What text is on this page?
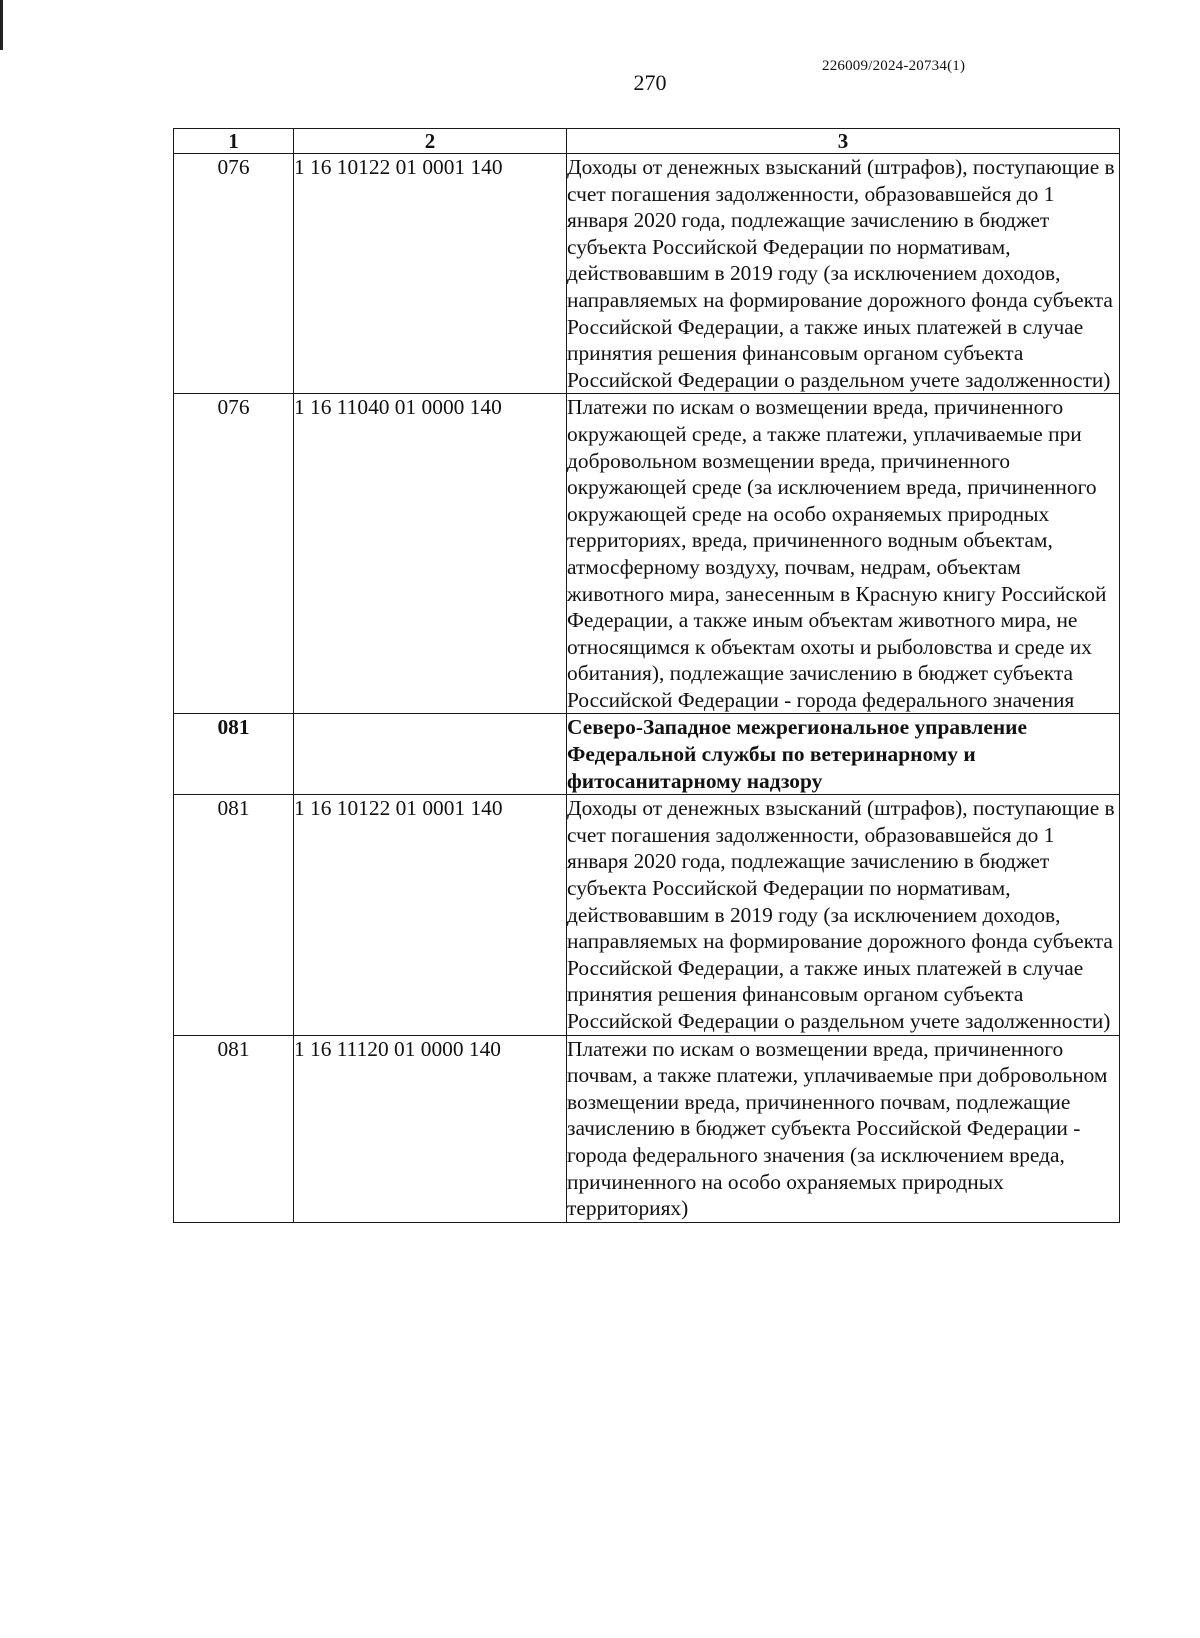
226009/2024-20734(1)
270
1	2	3
076	1 16 10122 01 0001 140	Доходы от денежных взысканий (штрафов), поступающие в счет погашения задолженности, образовавшейся до 1 января 2020 года, подлежащие зачислению в бюджет субъекта Российской Федерации по нормативам, действовавшим в 2019 году (за исключением доходов, направляемых на формирование дорожного фонда субъекта Российской Федерации, а также иных платежей в случае принятия решения финансовым органом субъекта Российской Федерации о раздельном учете задолженности)
076	1 16 11040 01 0000 140	Платежи по искам о возмещении вреда, причиненного окружающей среде, а также платежи, уплачиваемые при добровольном возмещении вреда, причиненного окружающей среде (за исключением вреда, причиненного окружающей среде на особо охраняемых природных территориях, вреда, причиненного водным объектам, атмосферному воздуху, почвам, недрам, объектам животного мира, занесенным в Красную книгу Российской Федерации, а также иным объектам животного мира, не относящимся к объектам охоты и рыболовства и среде их обитания), подлежащие зачислению в бюджет субъекта Российской Федерации - города федерального значения
081		Северо-Западное межрегиональное управление Федеральной службы по ветеринарному и фитосанитарному надзору
081	1 16 10122 01 0001 140	Доходы от денежных взысканий (штрафов), поступающие в счет погашения задолженности, образовавшейся до 1 января 2020 года, подлежащие зачислению в бюджет субъекта Российской Федерации по нормативам, действовавшим в 2019 году (за исключением доходов, направляемых на формирование дорожного фонда субъекта Российской Федерации, а также иных платежей в случае принятия решения финансовым органом субъекта Российской Федерации о раздельном учете задолженности)
081	1 16 11120 01 0000 140	Платежи по искам о возмещении вреда, причиненного почвам, а также платежи, уплачиваемые при добровольном возмещении вреда, причиненного почвам, подлежащие зачислению в бюджет субъекта Российской Федерации - города федерального значения (за исключением вреда, причиненного на особо охраняемых природных территориях)
